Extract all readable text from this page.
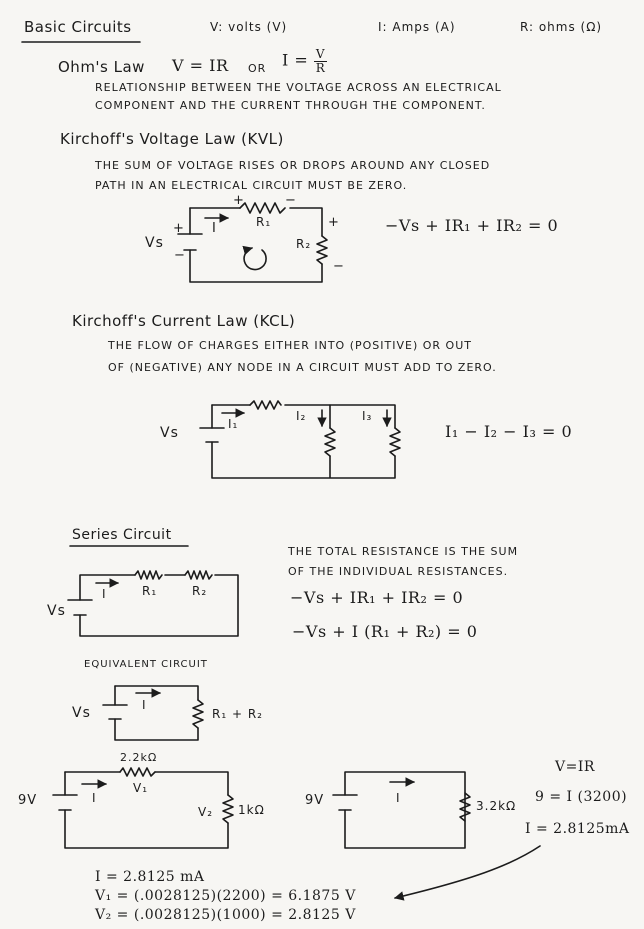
Basic Circuits	V: volts (V)	I: Amps (A)	R: ohms (Ω)
Ohm's Law V = IR OR $I = \frac{V}{R}$
RELATIONSHIP BETWEEN THE VOLTAGE ACROSS AN ELECTRICAL
COMPONENT AND THE CURRENT THROUGH THE COMPONENT.
Kirchoff's Voltage Law (KVL)
THE SUM OF VOLTAGE RISES OR DROPS AROUND ANY CLOSED
PATH IN AN ELECTRICAL CIRCUIT MUST BE ZERO.
−Vs + IR₁ + IR₂ = 0
Vs
+
−
I	R₁
+	−
R₂
+
−
Kirchoff's Current Law (KCL)
THE FLOW OF CHARGES EITHER INTO (POSITIVE) OR OUT
OF (NEGATIVE) ANY NODE IN A CIRCUIT MUST ADD TO ZERO.
Vs
I₁
I₂	I₃
I₁ − I₂ − I₃ = 0
Series Circuit
THE TOTAL RESISTANCE IS THE SUM
OF THE INDIVIDUAL RESISTANCES.
−Vs + IR₁ + IR₂ = 0
−Vs + I (R₁ + R₂) = 0
Vs
I	R₁	R₂
EQUIVALENT CIRCUIT
Vs	I
R₁ + R₂
9V
2.2kΩ
V₁
I
V₂ 1kΩ
9V	I
3.2kΩ
V=IR
9 = I (3200)
I = 2.8125mA
I = 2.8125 mA
V₁ = (.0028125)(2200) = 6.1875 V
V₂ = (.0028125)(1000) = 2.8125 V
